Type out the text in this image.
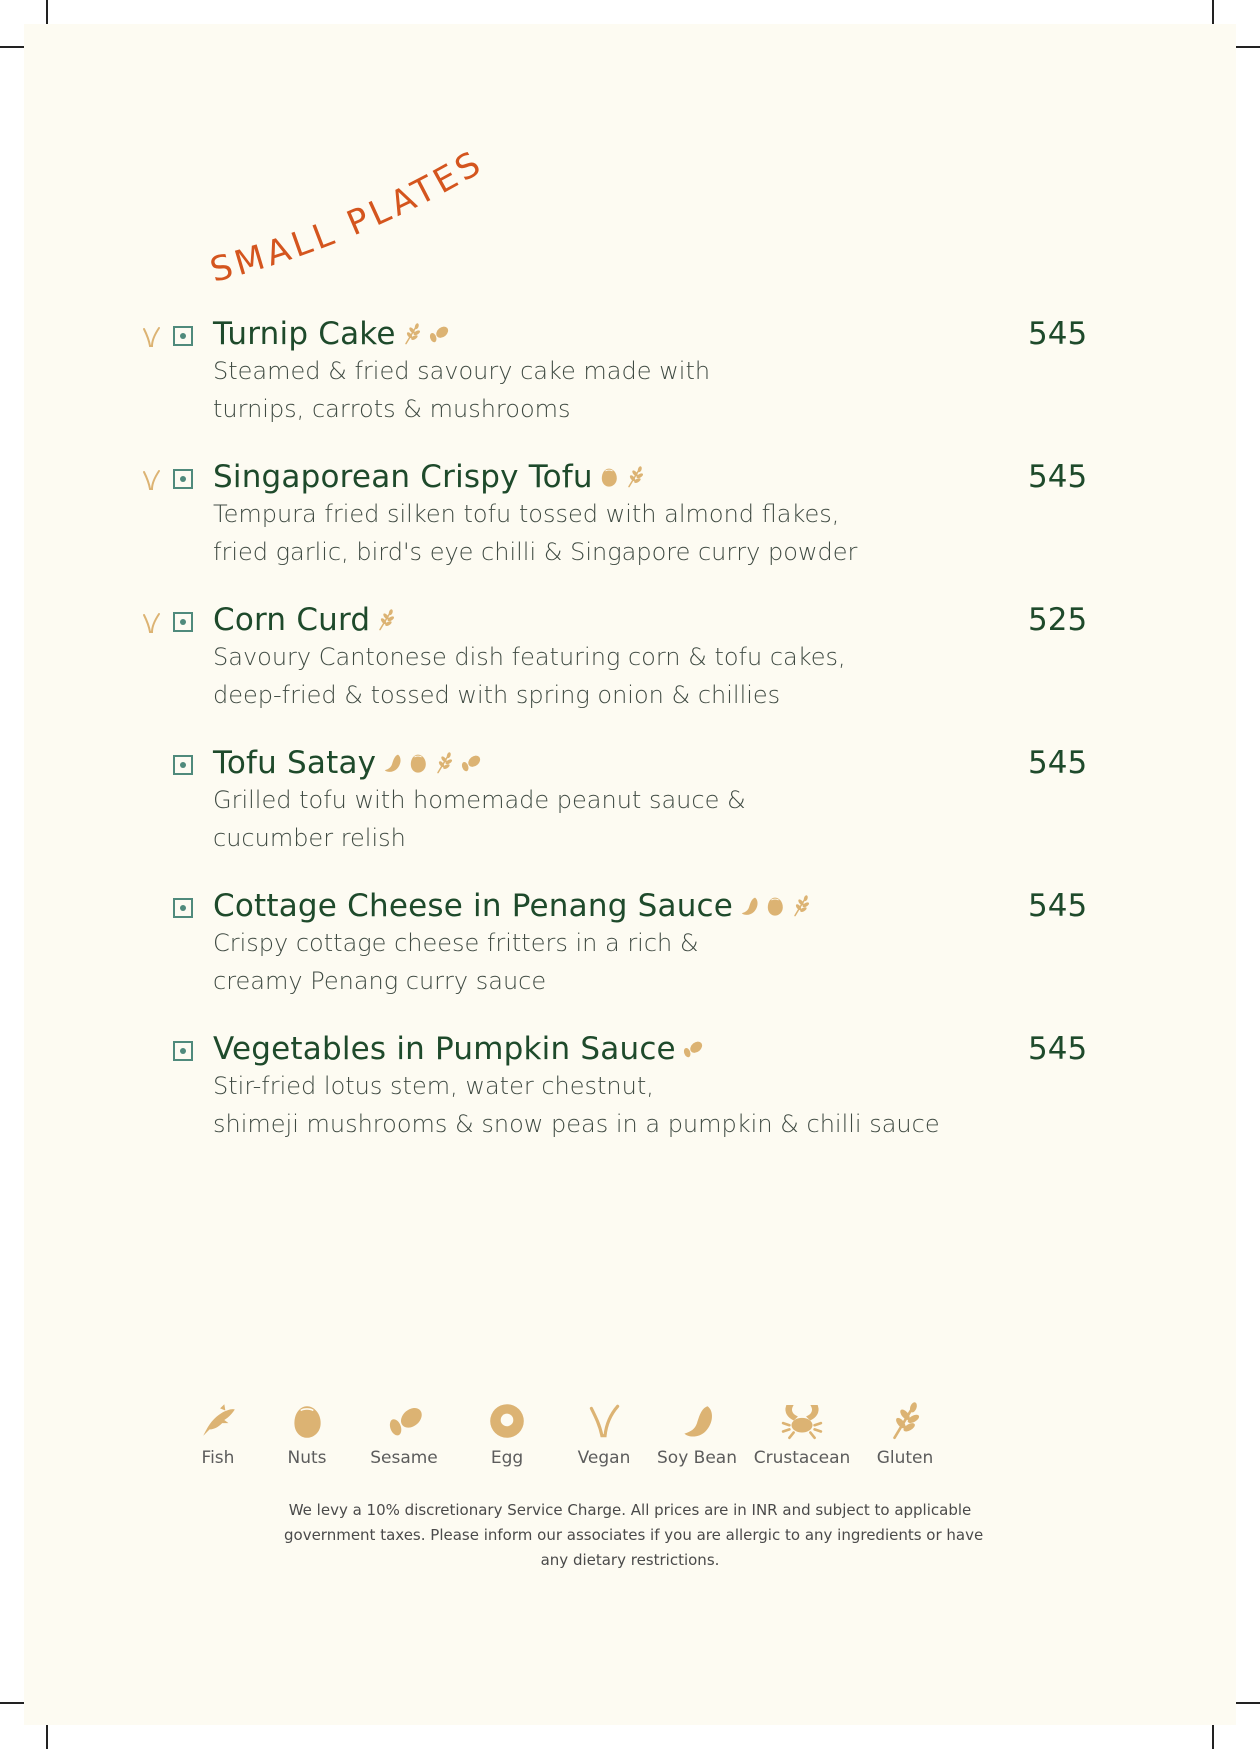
SMALL PLATES
Turnip Cake	545
Steamed & fried savoury cake made with
turnips, carrots & mushrooms
Singaporean Crispy Tofu	545
Tempura fried silken tofu tossed with almond flakes,
fried garlic, bird's eye chilli & Singapore curry powder
Corn Curd	525
Savoury Cantonese dish featuring corn & tofu cakes,
deep-fried & tossed with spring onion & chillies
Tofu Satay	545
Grilled tofu with homemade peanut sauce &
cucumber relish
Cottage Cheese in Penang Sauce	545
Crispy cottage cheese fritters in a rich &
creamy Penang curry sauce
Vegetables in Pumpkin Sauce	545
Stir-fried lotus stem, water chestnut,
shimeji mushrooms & snow peas in a pumpkin & chilli sauce
Fish	Nuts	Sesame	Egg	Vegan	Soy Bean Crustacean	Gluten
We levy a 10% discretionary Service Charge. All prices are in INR and subject to applicable
government taxes. Please inform our associates if you are allergic to any ingredients or have
any dietary restrictions.
